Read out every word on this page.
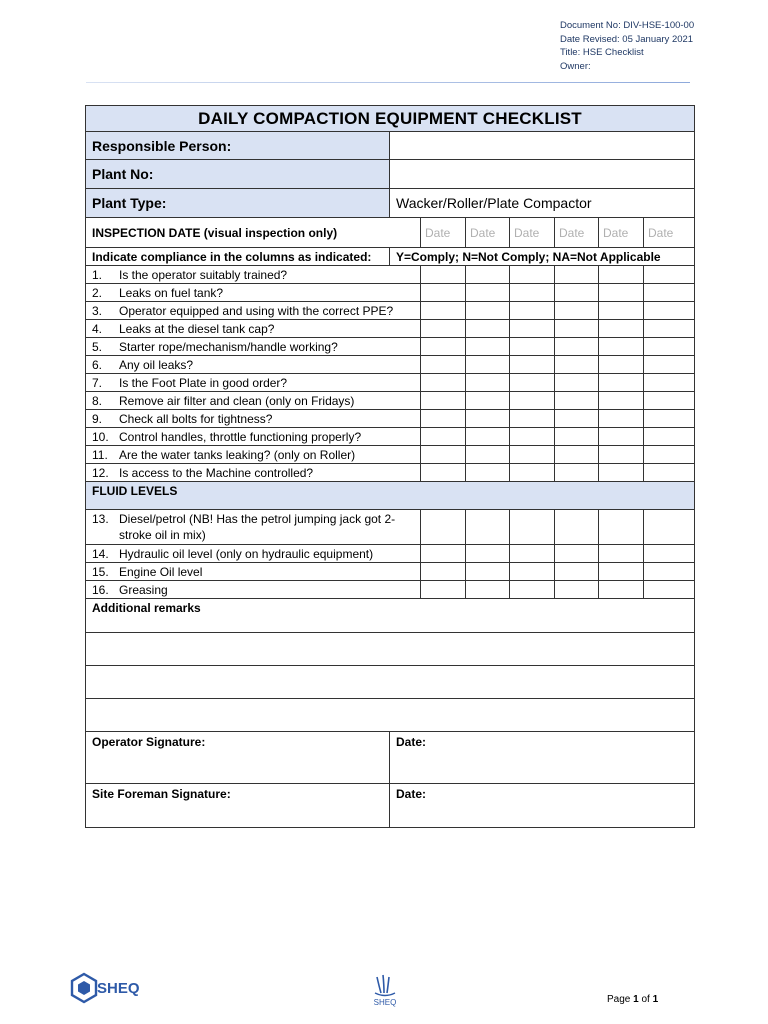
Document No: DIV-HSE-100-00
Date Revised: 05 January 2021
Title: HSE Checklist
Owner:
DAILY COMPACTION EQUIPMENT CHECKLIST							
Responsible Person:							
Plant No:							
Plant Type:	Wacker/Roller/Plate Compactor						
INSPECTION DATE (visual inspection only)		Date	Date	Date	Date	Date	Date
Indicate compliance in the columns as indicated:	Y=Comply; N=Not Comply; NA=Not Applicable						
1. Is the operator suitably trained?							
2. Leaks on fuel tank?							
3. Operator equipped and using with the correct PPE?							
4. Leaks at the diesel tank cap?							
5. Starter rope/mechanism/handle working?							
6. Any oil leaks?							
7. Is the Foot Plate in good order?							
8. Remove air filter and clean (only on Fridays)							
9. Check all bolts for tightness?							
10. Control handles, throttle functioning properly?							
11. Are the water tanks leaking? (only on Roller)							
12. Is access to the Machine controlled?							
FLUID LEVELS							

13. Diesel/petrol (NB! Has the petrol jumping jack got 2-stroke oil in mix)							

14. Hydraulic oil level (only on hydraulic equipment)							
15. Engine Oil level							
16. Greasing							
Additional remarks							

Operator Signature:	Date:						
Site Foreman Signature:	Date:						
SHEQ
SHEQ	Page 1 of 1
